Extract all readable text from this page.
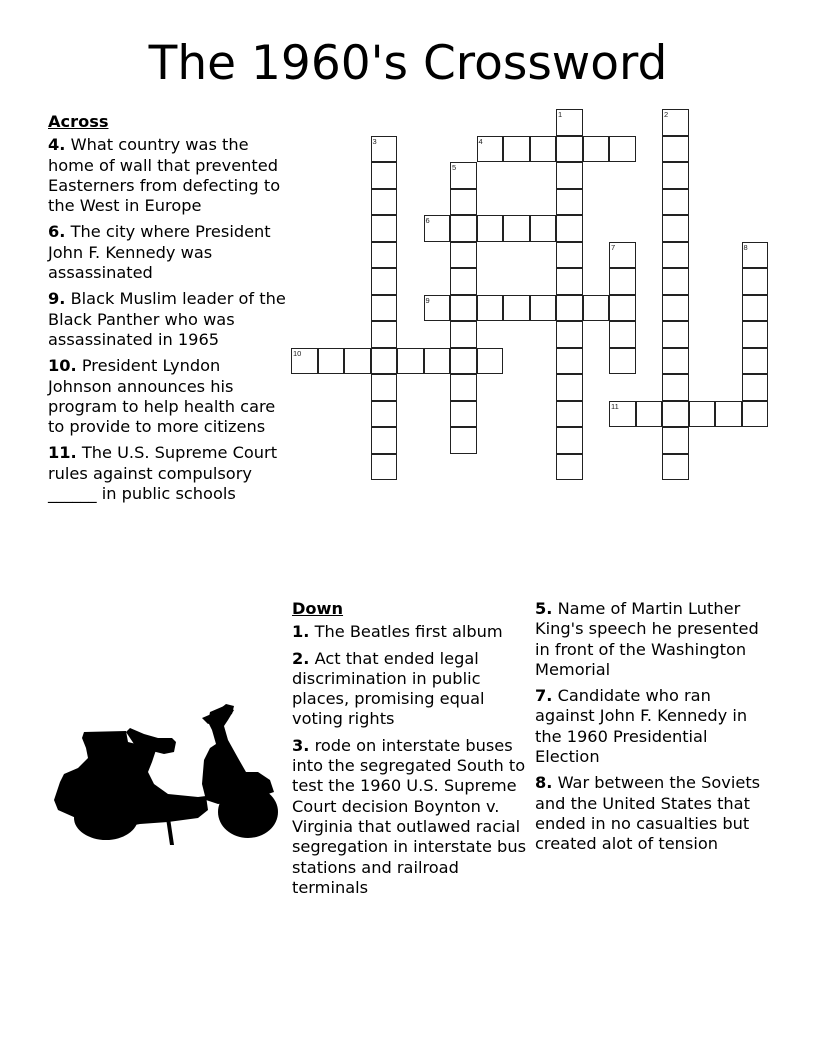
The 1960's Crossword
1	2
3	4
5
6
7	8
9
10
11
Across
4. What country was the home of wall that prevented Easterners from defecting to the West in Europe
6. The city where President John F. Kennedy was assassinated
9. Black Muslim leader of the Black Panther who was assassinated in 1965
10. President Lyndon Johnson announces his program to help health care to provide to more citizens
11. The U.S. Supreme Court rules against compulsory ______ in public schools
Down
1. The Beatles first album
2. Act that ended legal discrimination in public places, promising equal voting rights
3. rode on interstate buses into the segregated South to test the 1960 U.S. Supreme Court decision Boynton v. Virginia that outlawed racial segregation in interstate bus stations and railroad terminals
5. Name of Martin Luther King's speech he presented in front of the Washington Memorial
7. Candidate who ran against John F. Kennedy in the 1960 Presidential Election
8. War between the Soviets and the United States that ended in no casualties but created alot of tension
